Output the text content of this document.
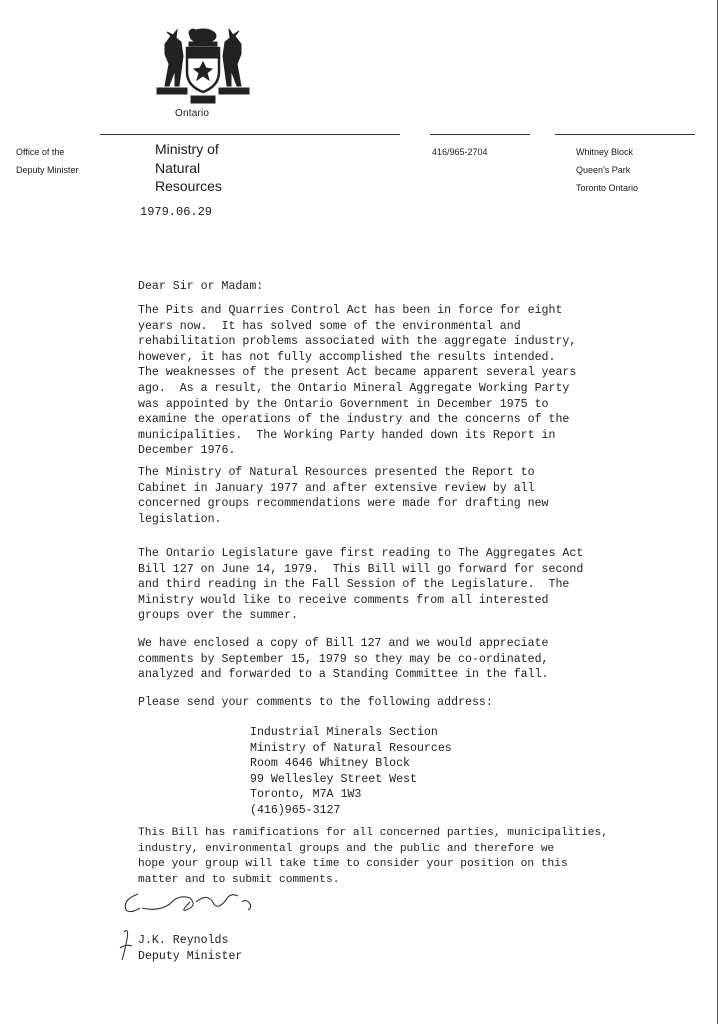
Ontario
Office of the
Deputy Minister
Ministry of
Natural
Resources
416/965-2704	Whitney Block
Queen's Park
Toronto Ontario
1979.06.29
Dear Sir or Madam:
The Pits and Quarries Control Act has been in force for eight
years now.  It has solved some of the environmental and
rehabilitation problems associated with the aggregate industry,
however, it has not fully accomplished the results intended.
The weaknesses of the present Act became apparent several years
ago.  As a result, the Ontario Mineral Aggregate Working Party
was appointed by the Ontario Government in December 1975 to
examine the operations of the industry and the concerns of the
municipalities.  The Working Party handed down its Report in
December 1976.
The Ministry of Natural Resources presented the Report to
Cabinet in January 1977 and after extensive review by all
concerned groups recommendations were made for drafting new
legislation.
The Ontario Legislature gave first reading to The Aggregates Act
Bill 127 on June 14, 1979.  This Bill will go forward for second
and third reading in the Fall Session of the Legislature.  The
Ministry would like to receive comments from all interested
groups over the summer.
We have enclosed a copy of Bill 127 and we would appreciate
comments by September 15, 1979 so they may be co-ordinated,
analyzed and forwarded to a Standing Committee in the fall.
Please send your comments to the following address:
Industrial Minerals Section
Ministry of Natural Resources
Room 4646 Whitney Block
99 Wellesley Street West
Toronto, M7A 1W3
(416)965-3127
This Bill has ramifications for all concerned parties, municipalities,
industry, environmental groups and the public and therefore we
hope your group will take time to consider your position on this
matter and to submit comments.
J.K. Reynolds
Deputy Minister
